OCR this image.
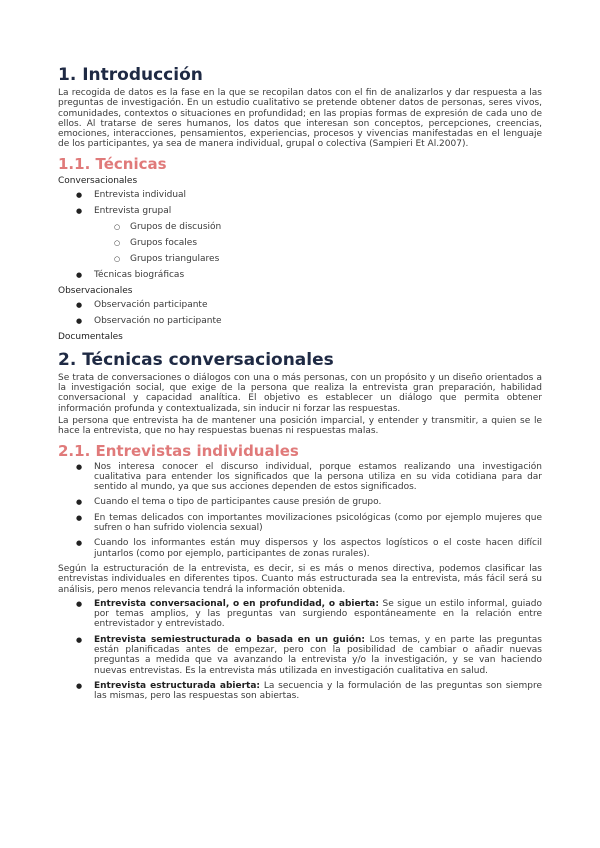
1. Introducción

La recogida de datos es la fase en la que se recopilan datos con el fin de analizarlos y dar respuesta a las preguntas de investigación. En un estudio cualitativo se pretende obtener datos de personas, seres vivos, comunidades, contextos o situaciones en profundidad; en las propias formas de expresión de cada uno de ellos. Al tratarse de seres humanos, los datos que interesan son conceptos, percepciones, creencias, emociones, interacciones, pensamientos, experiencias, procesos y vivencias manifestadas en el lenguaje de los participantes, ya sea de manera individual, grupal o colectiva (Sampieri Et Al.2007).

1.1. Técnicas
Conversacionales
● Entrevista individual
● Entrevista grupal
○ Grupos de discusión
○ Grupos focales
○ Grupos triangulares
● Técnicas biográficas
Observacionales
● Observación participante
● Observación no participante
Documentales
2. Técnicas conversacionales

Se trata de conversaciones o diálogos con una o más personas, con un propósito y un diseño orientados a la investigación social, que exige de la persona que realiza la entrevista gran preparación, habilidad conversacional y capacidad analítica. El objetivo es establecer un diálogo que permita obtener información profunda y contextualizada, sin inducir ni forzar las respuestas.

La persona que entrevista ha de mantener una posición imparcial, y entender y transmitir, a quien se le hace la entrevista, que no hay respuestas buenas ni respuestas malas.

2.1. Entrevistas individuales
● Nos interesa conocer el discurso individual, porque estamos realizando una investigación cualitativa para entender los significados que la persona utiliza en su vida cotidiana para dar sentido al mundo, ya que sus acciones dependen de estos significados.
● Cuando el tema o tipo de participantes cause presión de grupo.
● En temas delicados con importantes movilizaciones psicológicas (como por ejemplo mujeres que sufren o han sufrido violencia sexual)
● Cuando los informantes están muy dispersos y los aspectos logísticos o el coste hacen difícil juntarlos (como por ejemplo, participantes de zonas rurales).

Según la estructuración de la entrevista, es decir, si es más o menos directiva, podemos clasificar las entrevistas individuales en diferentes tipos. Cuanto más estructurada sea la entrevista, más fácil será su análisis, pero menos relevancia tendrá la información obtenida.

● Entrevista conversacional, o en profundidad, o abierta: Se sigue un estilo informal, guiado por temas amplios, y las preguntas van surgiendo espontáneamente en la relación entre entrevistador y entrevistado.
● Entrevista semiestructurada o basada en un guión: Los temas, y en parte las preguntas están planificadas antes de empezar, pero con la posibilidad de cambiar o añadir nuevas preguntas a medida que va avanzando la entrevista y/o la investigación, y se van haciendo nuevas entrevistas. Es la entrevista más utilizada en investigación cualitativa en salud.
● Entrevista estructurada abierta: La secuencia y la formulación de las preguntas son siempre las mismas, pero las respuestas son abiertas.
